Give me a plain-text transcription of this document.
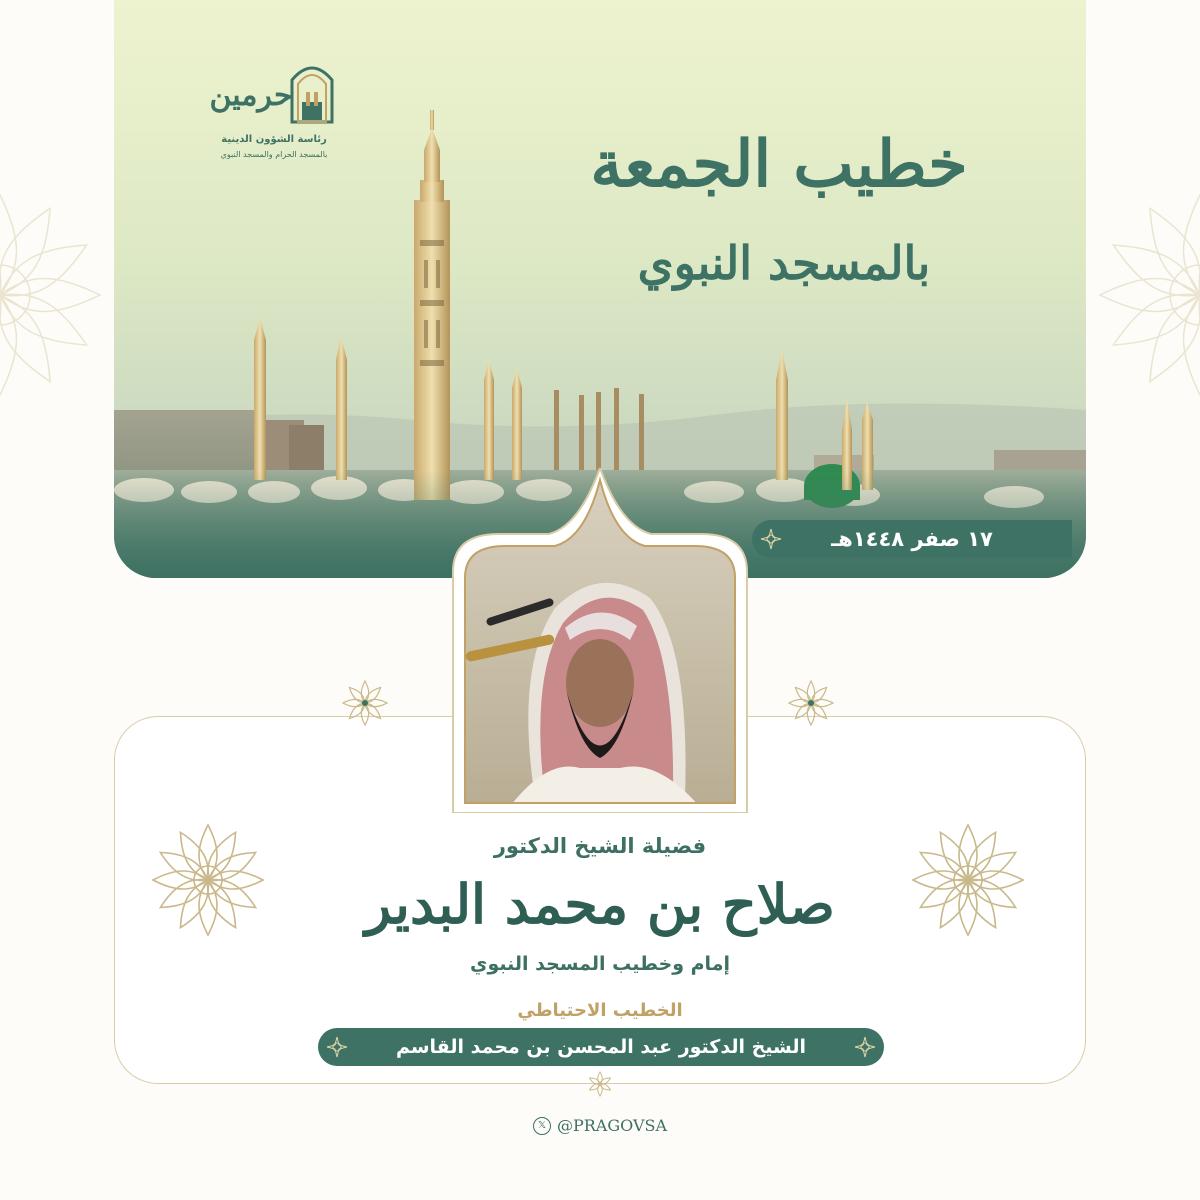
حرمين
رئاسة الشؤون الدينية
بالمسجد الحرام والمسجد النبوي	خطيب الجمعة
بالمسجد النبوي
١٧ صفر ١٤٤٨هـ
فضيلة الشيخ الدكتور
صلاح بن محمد البدير
إمام وخطيب المسجد النبوي
الخطيب الاحتياطي
الشيخ الدكتور عبد المحسن بن محمد القاسم
𝕏 @PRAGOVSA
